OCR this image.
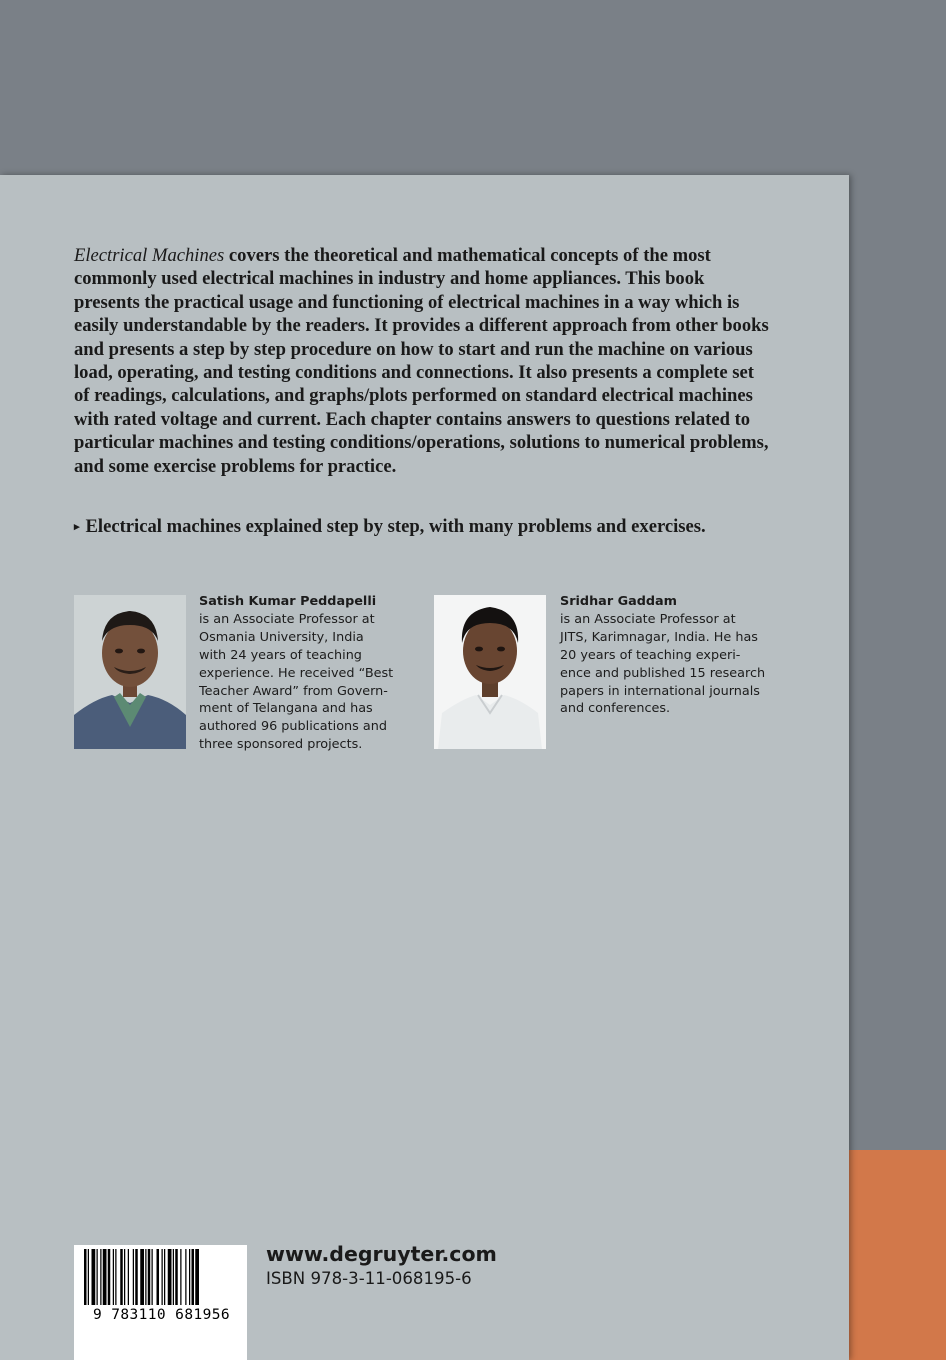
Electrical Machines covers the theoretical and mathematical concepts of the most commonly used electrical machines in industry and home appliances. This book presents the practical usage and functioning of electrical machines in a way which is easily understandable by the readers. It provides a different approach from other books and presents a step by step procedure on how to start and run the machine on various load, operating, and testing conditions and connections. It also presents a complete set of readings, calculations, and graphs/plots performed on standard electrical machines with rated voltage and current. Each chapter contains answers to questions related to particular machines and testing conditions/operations, solutions to numerical problems, and some exercise problems for practice.

▸ Electrical machines explained step by step, with many problems and exercises.
Satish Kumar Peddapelli
is an Associate Professor at
Osmania University, India
with 24 years of teaching
experience. He received “Best
Teacher Award” from Govern-
ment of Telangana and has
authored 96 publications and
three sponsored projects.
Sridhar Gaddam
is an Associate Professor at
JITS, Karimnagar, India. He has
20 years of teaching experi-
ence and published 15 research
papers in international journals
and conferences.
9 783110 681956
www.degruyter.com
ISBN 978-3-11-068195-6
